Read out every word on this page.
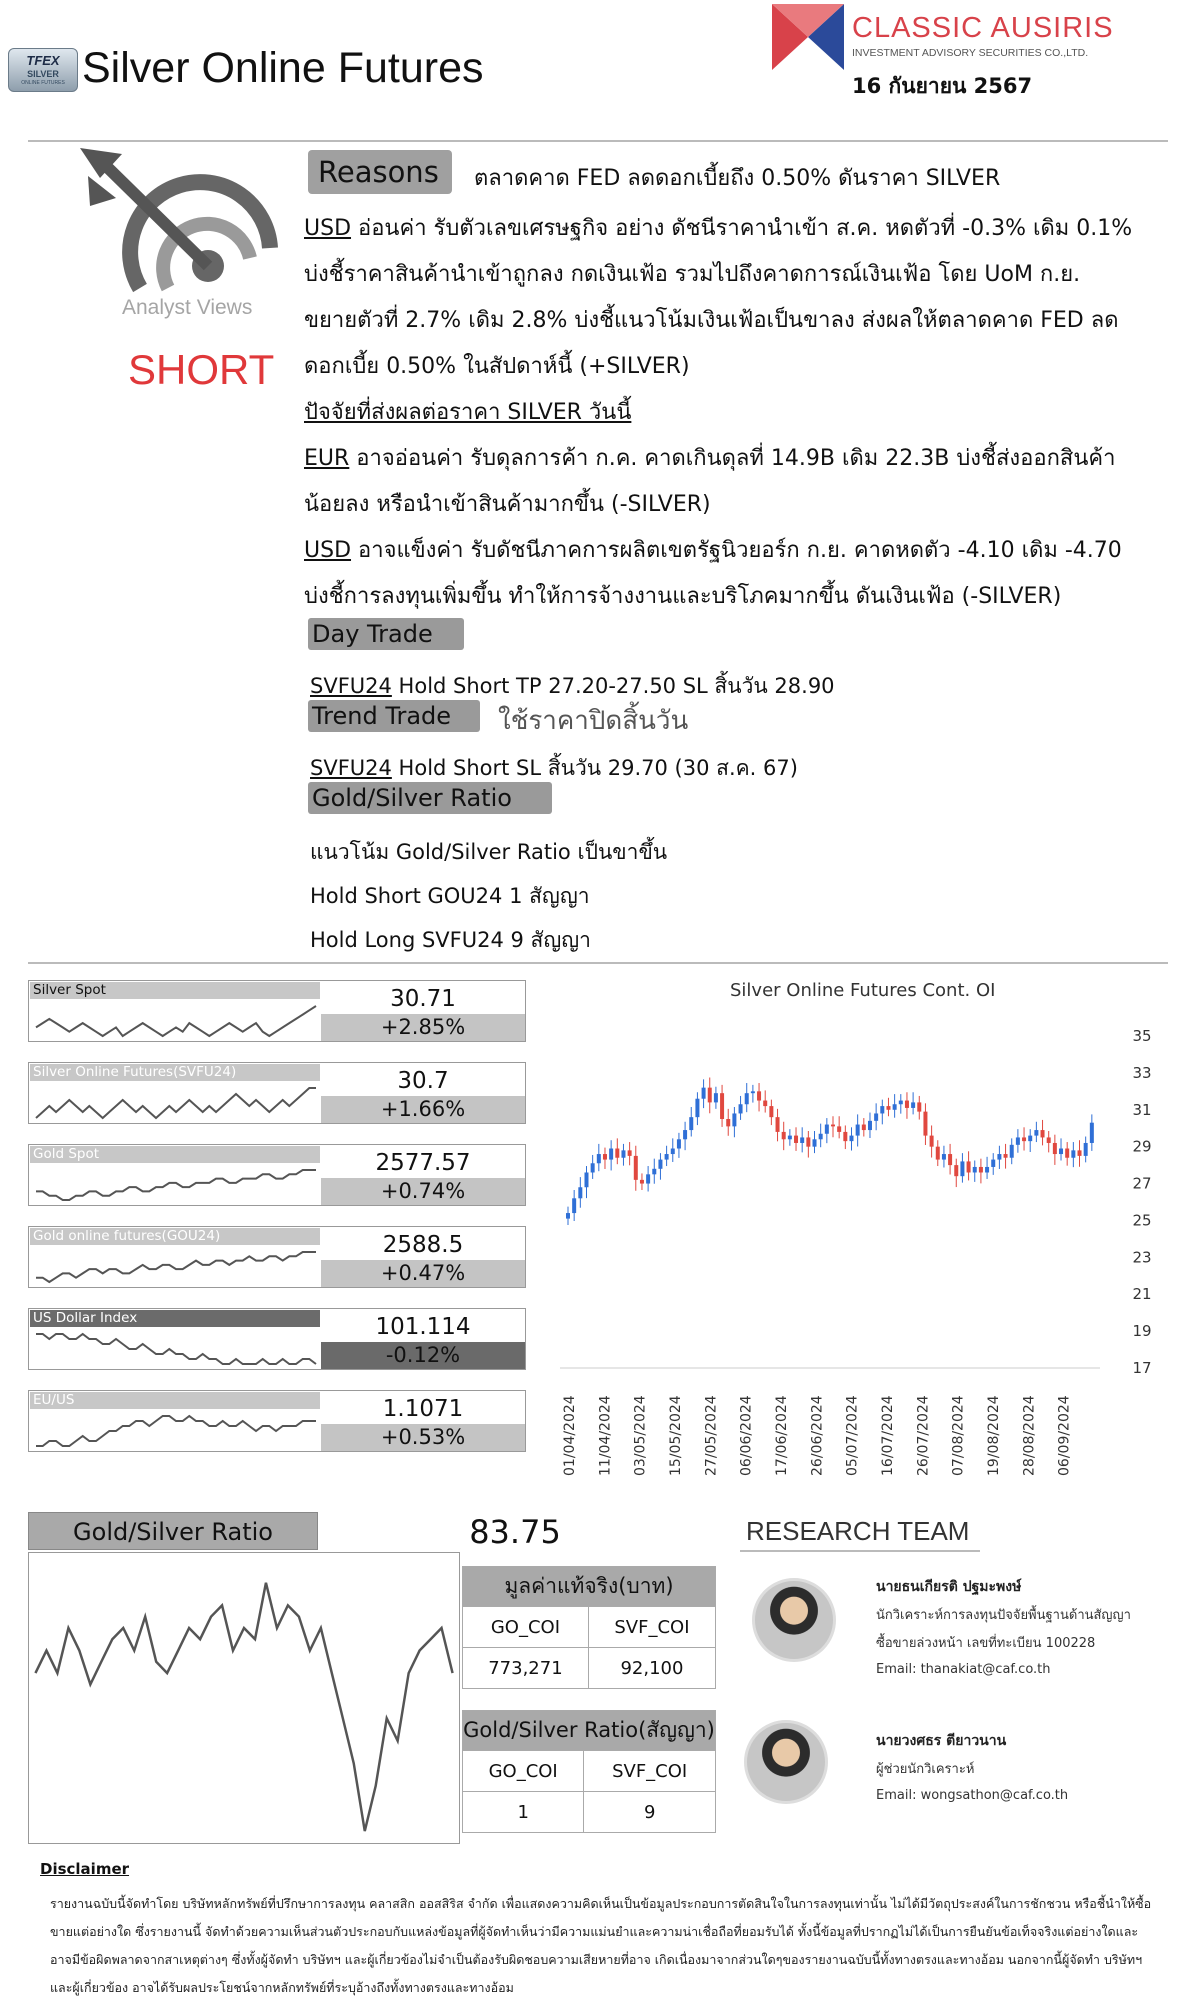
TFEX
SILVER
ONLINE FUTURES Silver Online Futures
CLASSIC AUSIRIS
INVESTMENT ADVISORY SECURITIES CO.,LTD.
16 กันยายน 2567
Analyst Views
SHORT
Reasons	ตลาดคาด FED ลดดอกเบี้ยถึง 0.50% ดันราคา SILVER
USD อ่อนค่า รับตัวเลขเศรษฐกิจ อย่าง ดัชนีราคานำเข้า ส.ค. หดตัวที่ -0.3% เดิม 0.1%
บ่งชี้ราคาสินค้านำเข้าถูกลง กดเงินเฟ้อ รวมไปถึงคาดการณ์เงินเฟ้อ โดย UoM ก.ย.
ขยายตัวที่ 2.7% เดิม 2.8% บ่งชี้แนวโน้มเงินเฟ้อเป็นขาลง ส่งผลให้ตลาดคาด FED ลด
ดอกเบี้ย 0.50% ในสัปดาห์นี้ (+SILVER)
ปัจจัยที่ส่งผลต่อราคา SILVER วันนี้
EUR อาจอ่อนค่า รับดุลการค้า ก.ค. คาดเกินดุลที่ 14.9B เดิม 22.3B บ่งชี้ส่งออกสินค้า
น้อยลง หรือนำเข้าสินค้ามากขึ้น (-SILVER)
USD อาจแข็งค่า รับดัชนีภาคการผลิตเขตรัฐนิวยอร์ก ก.ย. คาดหดตัว -4.10 เดิม -4.70
บ่งชี้การลงทุนเพิ่มขึ้น ทำให้การจ้างงานและบริโภคมากขึ้น ดันเงินเฟ้อ (-SILVER)
Day Trade
SVFU24 Hold Short TP 27.20-27.50 SL สิ้นวัน 28.90
Trend Trade	ใช้ราคาปิดสิ้นวัน
SVFU24 Hold Short SL สิ้นวัน 29.70 (30 ส.ค. 67)
Gold/Silver Ratio
แนวโน้ม Gold/Silver Ratio เป็นขาขึ้น
Hold Short GOU24 1 สัญญา
Hold Long SVFU24 9 สัญญา
Silver Spot	30.71
+2.85%
Silver Online Futures(SVFU24)	30.7
+1.66%
Gold Spot	2577.57
+0.74%
Gold online futures(GOU24)	2588.5
+0.47%
US Dollar Index	101.114
-0.12%
EU/US	1.1071
+0.53%
Silver Online Futures Cont. OI
35
33
31
29
27
25
23
21
19
17
01/04/2024 11/04/2024 03/05/2024 15/05/2024 27/05/2024 06/06/2024 17/06/2024 26/06/2024 05/07/2024 16/07/2024 26/07/2024 07/08/2024 19/08/2024 28/08/2024 06/09/2024
Gold/Silver Ratio	83.75
มูลค่าแท้จริง(บาท)	
GO_COI	SVF_COI
773,271	92,100
Gold/Silver Ratio(สัญญา)	
GO_COI	SVF_COI
1	9
RESEARCH TEAM
นายธนเกียรติ ปฐมะพงษ์
นักวิเคราะห์การลงทุนปัจจัยพื้นฐานด้านสัญญา
ซื้อขายล่วงหน้า เลขที่ทะเบียน 100228
Email: thanakiat@caf.co.th
นายวงศธร ตียาวนาน
ผู้ช่วยนักวิเคราะห์
Email: wongsathon@caf.co.th
Disclaimer
รายงานฉบับนี้จัดทำโดย บริษัทหลักทรัพย์ที่ปรึกษาการลงทุน คลาสสิก ออสสิริส จำกัด เพื่อแสดงความคิดเห็นเป็นข้อมูลประกอบการตัดสินใจในการลงทุนเท่านั้น ไม่ได้มีวัตถุประสงค์ในการชักชวน หรือชี้นำให้ซื้อขายแต่อย่างใด ซึ่งรายงานนี้ จัดทำด้วยความเห็นส่วนตัวประกอบกับแหล่งข้อมูลที่ผู้จัดทำเห็นว่ามีความแม่นยำและความน่าเชื่อถือที่ยอมรับได้ ทั้งนี้ข้อมูลที่ปรากฏไม่ได้เป็นการยืนยันข้อเท็จจริงแต่อย่างใดและอาจมีข้อผิดพลาดจากสาเหตุต่างๆ ซึ่งทั้งผู้จัดทำ บริษัทฯ และผู้เกี่ยวข้องไม่จำเป็นต้องรับผิดชอบความเสียหายที่อาจ เกิดเนื่องมาจากส่วนใดๆของรายงานฉบับนี้ทั้งทางตรงและทางอ้อม นอกจากนี้ผู้จัดทำ บริษัทฯ และผู้เกี่ยวข้อง อาจได้รับผลประโยชน์จากหลักทรัพย์ที่ระบุอ้างถึงทั้งทางตรงและทางอ้อม
